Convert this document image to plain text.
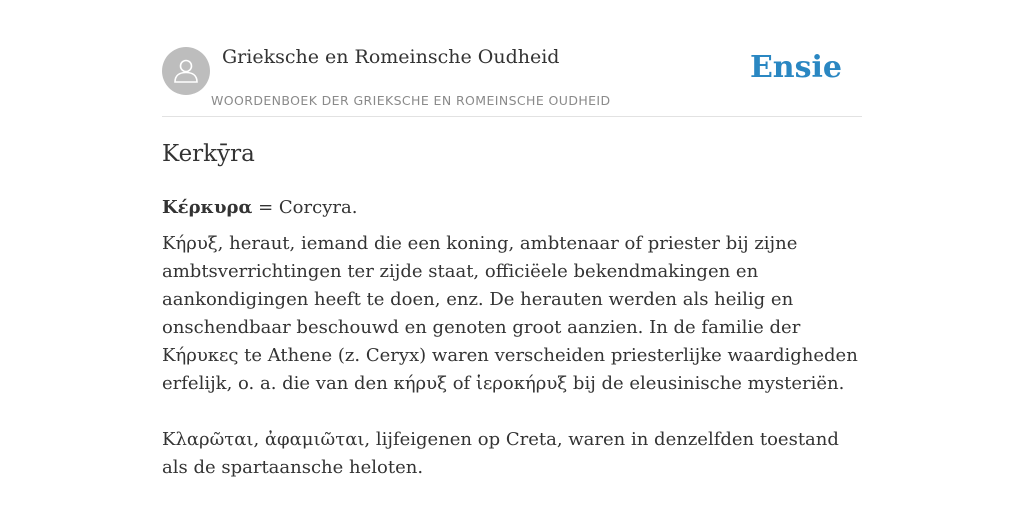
Grieksche en Romeinsche Oudheid
WOORDENBOEK DER GRIEKSCHE EN ROMEINSCHE OUDHEID
Ensie
Kerkȳra

Κέρκυρα = Corcyra.

Κήρυξ, heraut, iemand die een koning, ambtenaar of priester bij zijne ambtsverrichtingen ter zijde staat, officiëele bekendmakingen en aankondigingen heeft te doen, enz. De herauten werden als heilig en onschendbaar beschouwd en genoten groot aanzien. In de familie der Κήρυκες te Athene (z. Ceryx) waren verscheiden priesterlijke waardigheden erfelijk, o. a. die van den κήρυξ of ἱεροκήρυξ bij de eleusinische mysteriën.

Κλαρῶται, ἀφαμιῶται, lijfeigenen op Creta, waren in denzelfden toestand als de spartaansche heloten.
